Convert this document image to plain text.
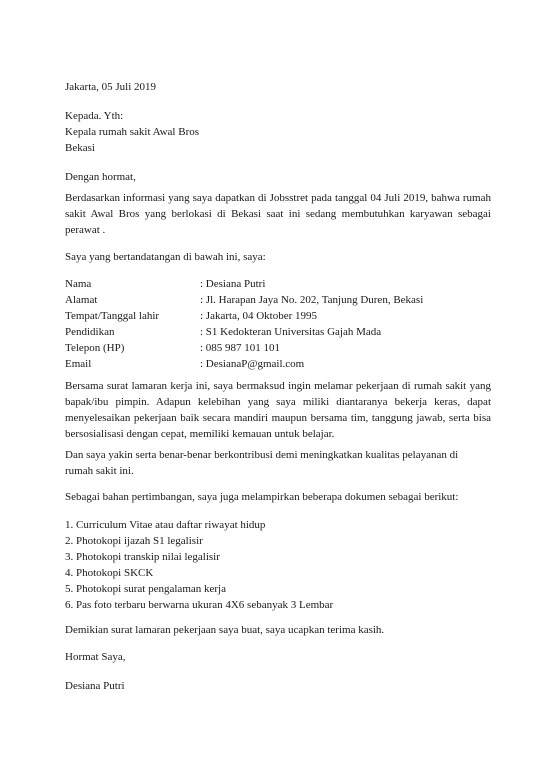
Jakarta, 05 Juli 2019

Kepada. Yth:

Kepala rumah sakit Awal Bros

Bekasi

Dengan hormat,

Berdasarkan informasi yang saya dapatkan di Jobsstret pada tanggal 04 Juli 2019, bahwa rumah sakit Awal Bros yang berlokasi di Bekasi saat ini sedang membutuhkan karyawan sebagai perawat .

Saya yang bertandatangan di bawah ini, saya:

Nama	: Desiana Putri
Alamat	: Jl. Harapan Jaya No. 202, Tanjung Duren, Bekasi
Tempat/Tanggal lahir	: Jakarta, 04 Oktober 1995
Pendidikan	: S1 Kedokteran Universitas Gajah Mada
Telepon (HP)	: 085 987 101 101
Email	: DesianaP@gmail.com

Bersama surat lamaran kerja ini, saya bermaksud ingin melamar pekerjaan di rumah sakit yang bapak/ibu pimpin. Adapun kelebihan yang saya miliki diantaranya bekerja keras, dapat menyelesaikan pekerjaan baik secara mandiri maupun bersama tim, tanggung jawab, serta bisa bersosialisasi dengan cepat, memiliki kemauan untuk belajar.

Dan saya yakin serta benar-benar berkontribusi demi meningkatkan kualitas pelayanan di rumah sakit ini.

Sebagai bahan pertimbangan, saya juga melampirkan beberapa dokumen sebagai berikut:

1. Curriculum Vitae atau daftar riwayat hidup

2. Photokopi ijazah S1 legalisir

3. Photokopi transkip nilai legalisir

4. Photokopi SKCK

5. Photokopi surat pengalaman kerja

6. Pas foto terbaru berwarna ukuran 4X6 sebanyak 3 Lembar

Demikian surat lamaran pekerjaan saya buat, saya ucapkan terima kasih.

Hormat Saya,

Desiana Putri
